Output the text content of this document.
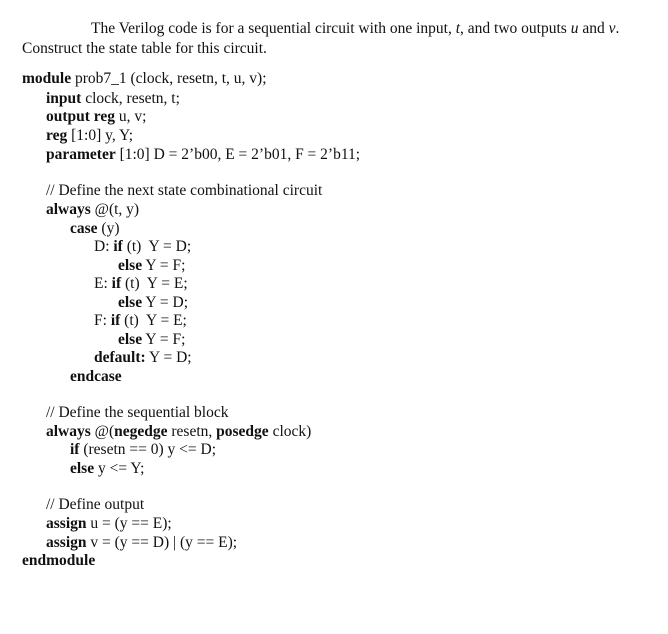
The Verilog code is for a sequential circuit with one input, t, and two outputs u and v.
Construct the state table for this circuit.
module prob7_1 (clock, resetn, t, u, v);
input clock, resetn, t;
output reg u, v;
reg [1:0] y, Y;
parameter [1:0] D = 2’b00, E = 2’b01, F = 2’b11;
// Define the next state combinational circuit
always @(t, y)
case (y)
D: if (t)  Y = D;
else Y = F;
E: if (t)  Y = E;
else Y = D;
F: if (t)  Y = E;
else Y = F;
default: Y = D;
endcase
// Define the sequential block
always @(negedge resetn, posedge clock)
if (resetn == 0) y <= D;
else y <= Y;
// Define output
assign u = (y == E);
assign v = (y == D) | (y == E);
endmodule
